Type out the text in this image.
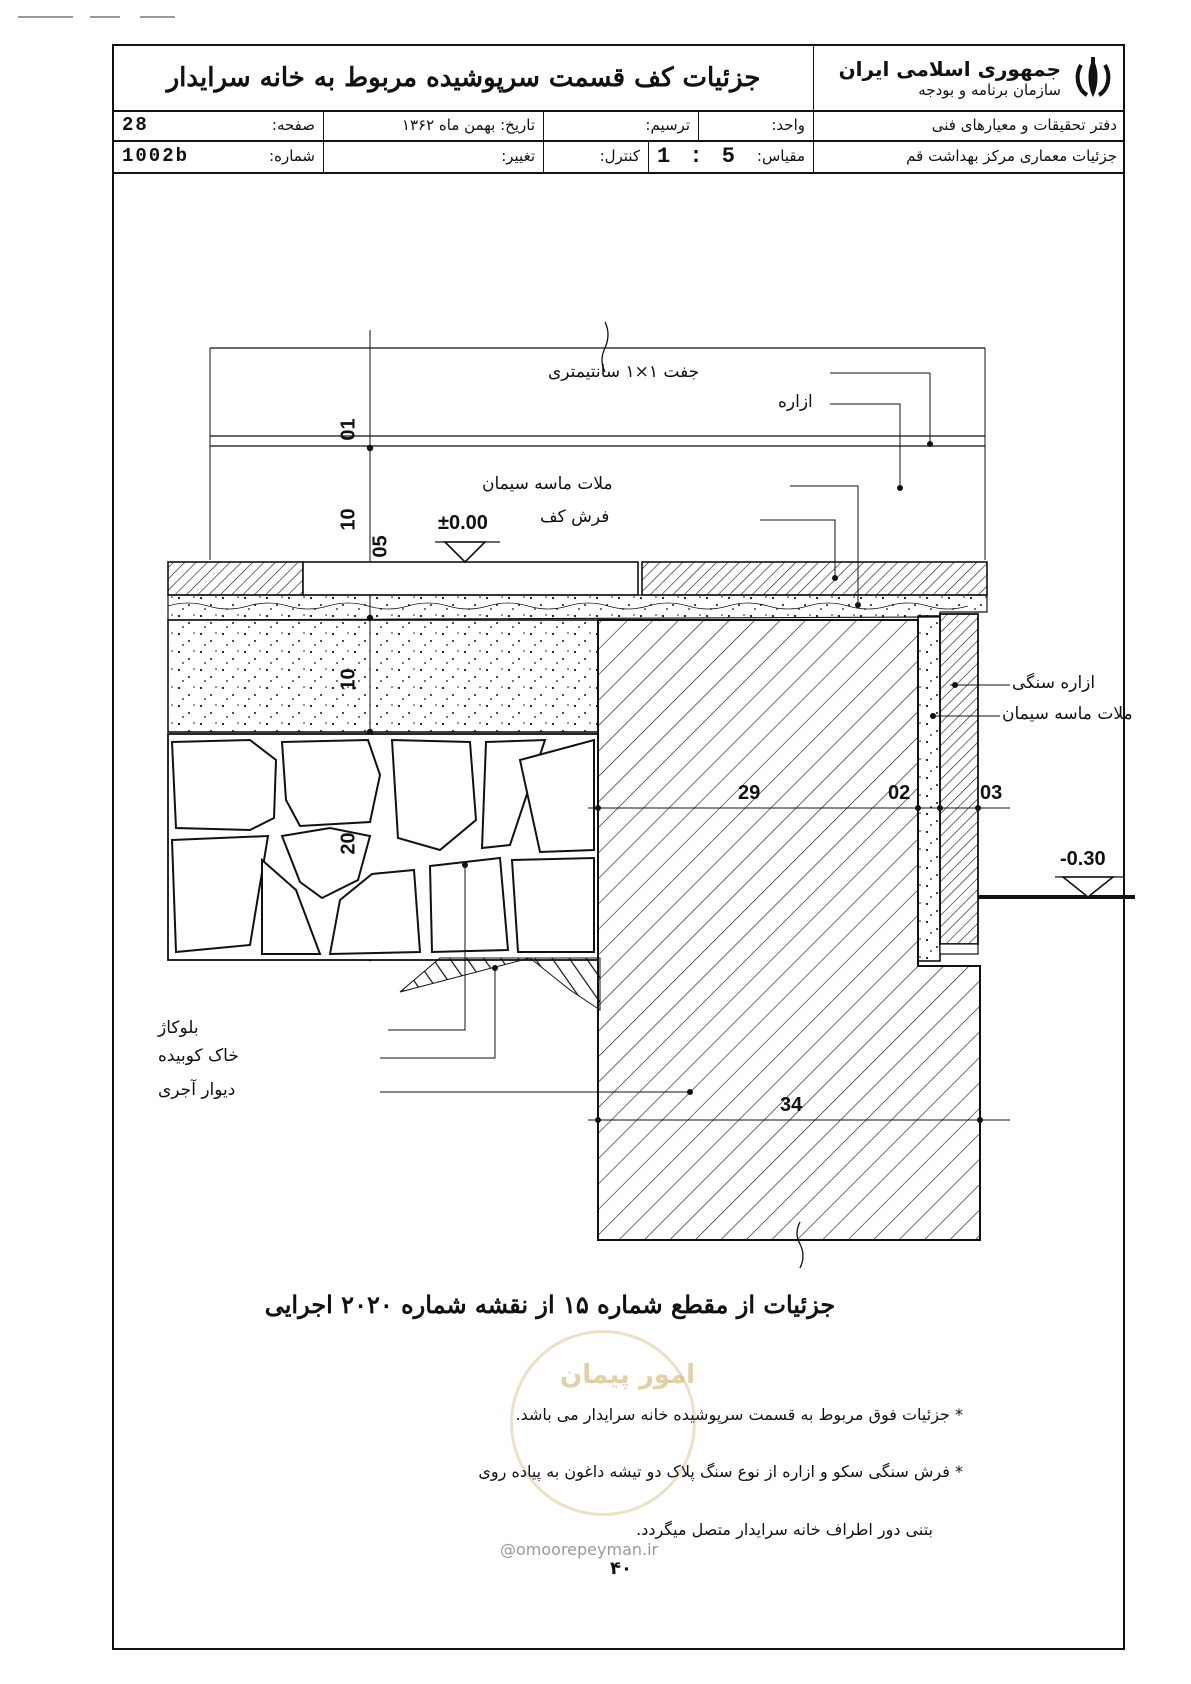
جزئیات کف قسمت سرپوشیده مربوط به خانه سرایدار	جمهوری اسلامی ایران
سازمان برنامه و بودجه
28	صفحه:	تاریخ: بهمن ماه ۱۳۶۲	ترسیم:	واحد:	دفتر تحقیقات و معیارهای فنی
1002b	شماره:	تغییر:	کنترل: 1 : 5 مقیاس:	جزئیات معماری مرکز بهداشت قم
جفت ۱×۱ سانتیمتری
ازاره
ملات ماسه سیمان
فرش کف
ازاره سنگی
ملات ماسه سیمان
بلوکاژ
خاک کوبیده
دیوار آجری
01
10
05
10
20
29	02	03
34
±0.00
-0.30
جزئیات از مقطع شماره ۱۵ از نقشه شماره ۲۰۲۰ اجرایی
امور پیمان
@omoorepeyman.ir
* جزئیات فوق مربوط به قسمت سرپوشیده خانه سرایدار می باشد.
* فرش سنگی سکو و ازاره از نوع سنگ پلاک دو تیشه داغون به پیاده روی
بتنی دور اطراف خانه سرایدار متصل میگردد.
۴۰
